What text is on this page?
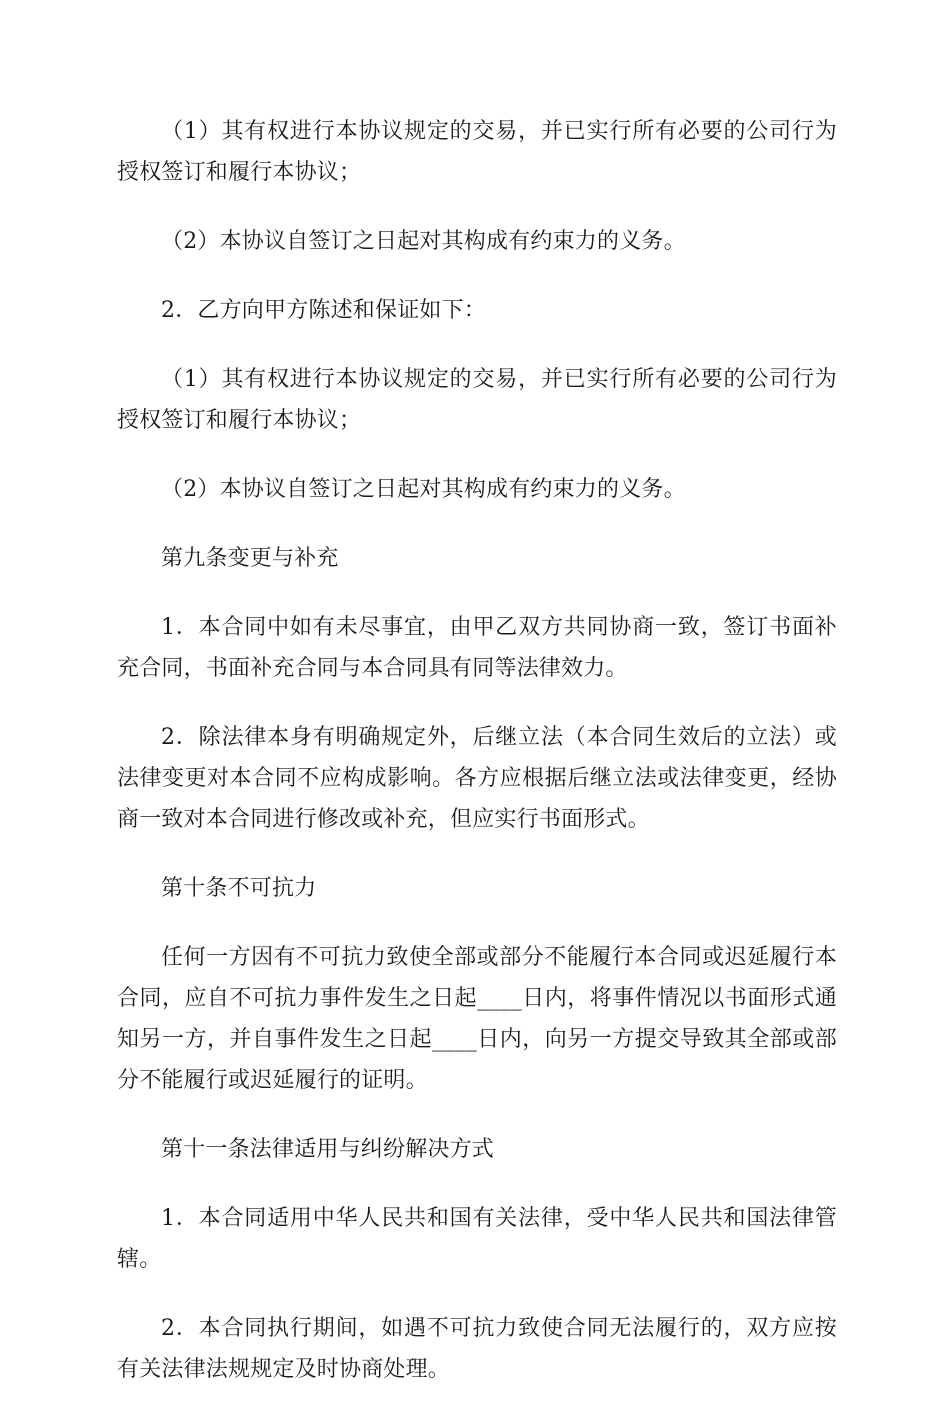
（1）其有权进行本协议规定的交易，并已实行所有必要的公司行为授权签订和履行本协议；

（2）本协议自签订之日起对其构成有约束力的义务。

2．乙方向甲方陈述和保证如下：

（1）其有权进行本协议规定的交易，并已实行所有必要的公司行为授权签订和履行本协议；

（2）本协议自签订之日起对其构成有约束力的义务。

第九条变更与补充

1．本合同中如有未尽事宜，由甲乙双方共同协商一致，签订书面补充合同，书面补充合同与本合同具有同等法律效力。

2．除法律本身有明确规定外，后继立法（本合同生效后的立法）或法律变更对本合同不应构成影响。各方应根据后继立法或法律变更，经协商一致对本合同进行修改或补充，但应实行书面形式。

第十条不可抗力

任何一方因有不可抗力致使全部或部分不能履行本合同或迟延履行本合同，应自不可抗力事件发生之日起____日内，将事件情况以书面形式通知另一方，并自事件发生之日起____日内，向另一方提交导致其全部或部分不能履行或迟延履行的证明。

第十一条法律适用与纠纷解决方式

1．本合同适用中华人民共和国有关法律，受中华人民共和国法律管辖。

2．本合同执行期间，如遇不可抗力致使合同无法履行的，双方应按有关法律法规规定及时协商处理。
